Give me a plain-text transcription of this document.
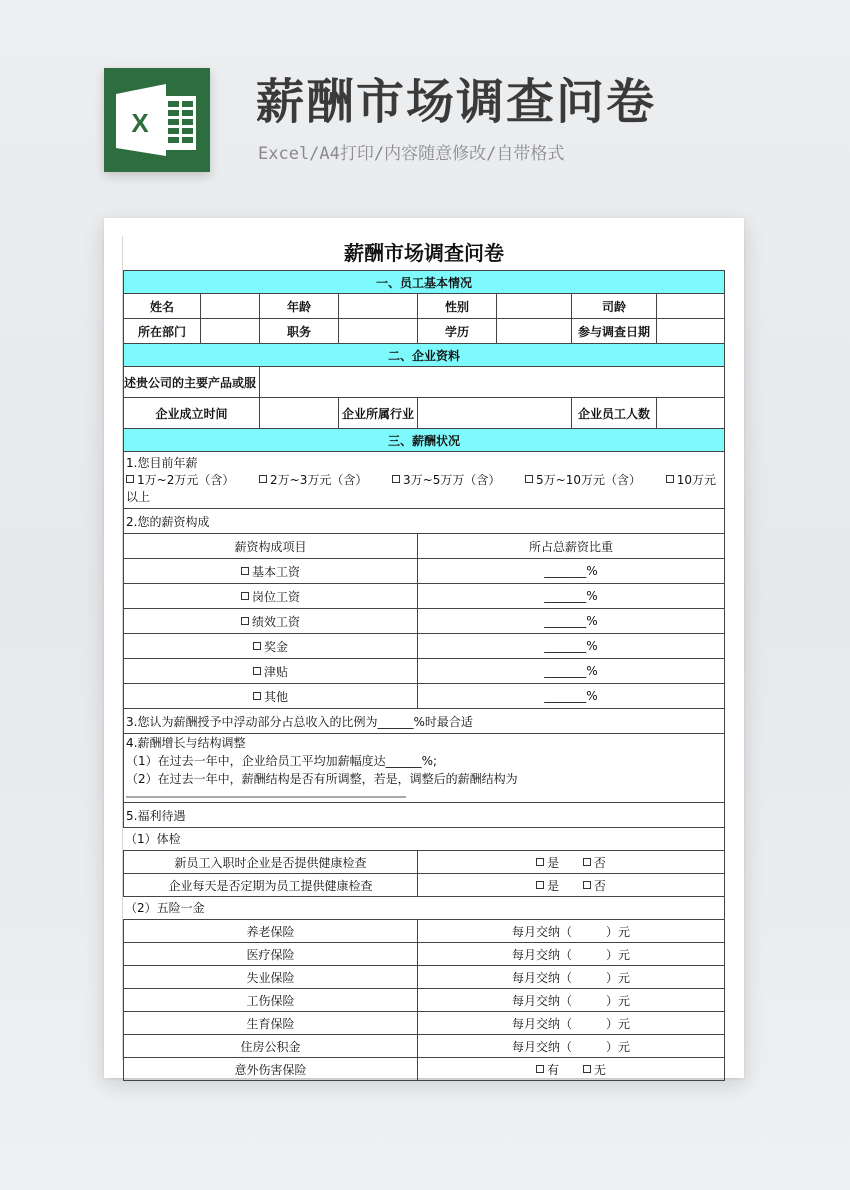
X 薪酬市场调查问卷
Excel/A4打印/内容随意修改/自带格式
薪酬市场调查问卷
一、员工基本情况							
姓名		年龄		性别		司龄	
所在部门		职务		学历		参与调查日期	
二、企业资料							
述贵公司的主要产品或服							
企业成立时间			企业所属行业			企业员工人数	
三、薪酬状况							

1.您目前年薪
1万~2万元（含）	2万~3万元（含）	3万~5万万（含）	5万~10万元（含）	10万元
以上

2.您的薪资构成							
薪资构成项目				所占总薪资比重			
基本工资				_______%			
岗位工资				_______%			
绩效工资				_______%			
奖金				_______%			
津贴				_______%			
其他				_______%			
3.您认为薪酬授予中浮动部分占总收入的比例为______%时最合适							

4.薪酬增长与结构调整
（1）在过去一年中，企业给员工平均加薪幅度达______%;
（2）在过去一年中，薪酬结构是否有所调整，若是，调整后的薪酬结构为							

5.福利待遇							
（1）体检
新员工入职时企业是否提供健康检查	是 否
企业每天是否定期为员工提供健康检查	是 否
（2）五险一金
养老保险	每月交纳（ ）元
医疗保险	每月交纳（ ）元
失业保险	每月交纳（ ）元
工伤保险	每月交纳（ ）元
生育保险	每月交纳（ ）元
住房公积金	每月交纳（ ）元
意外伤害保险	有 无
